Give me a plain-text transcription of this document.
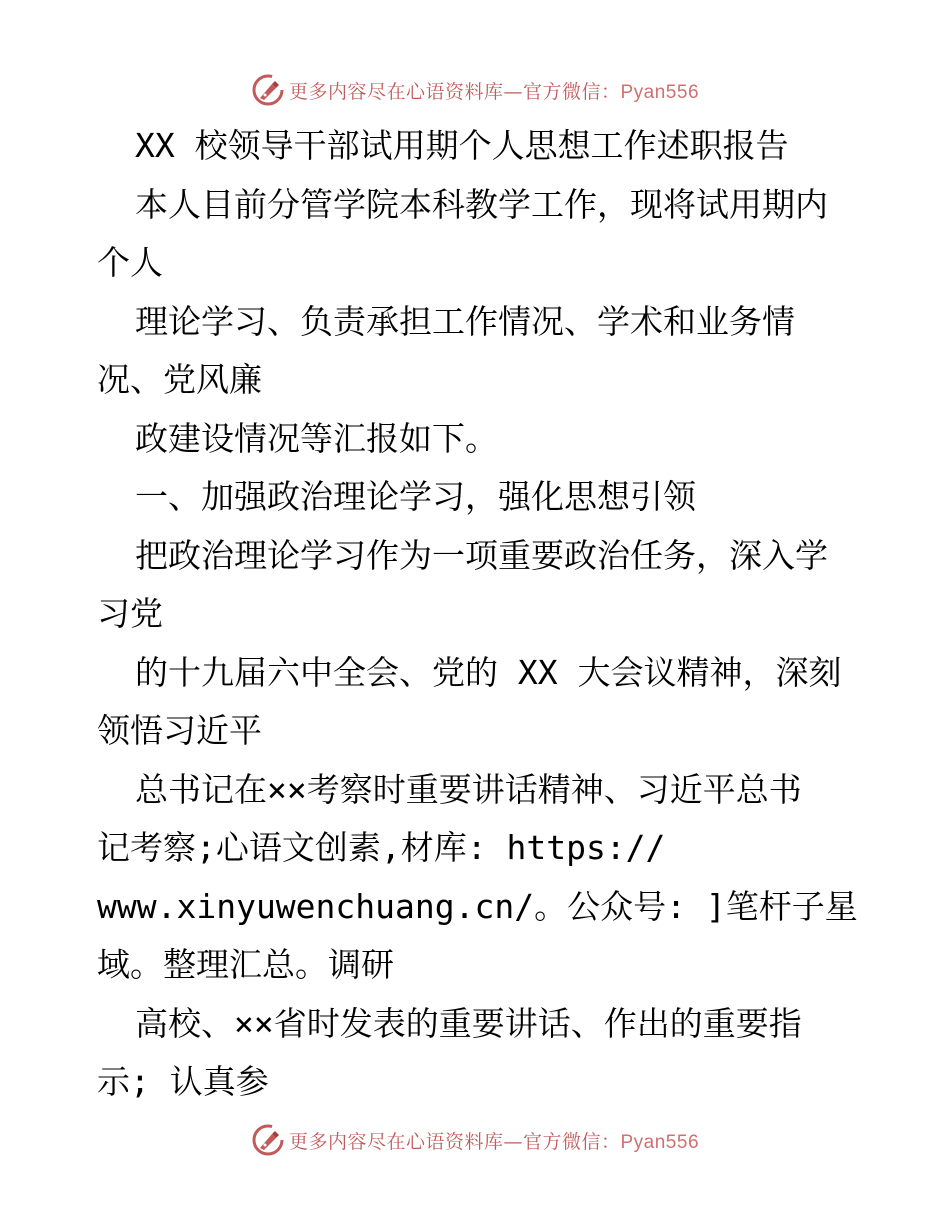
更多内容尽在心语资料库—官方微信：Pyan556
XX 校领导干部试用期个人思想工作述职报告
本人目前分管学院本科教学工作，现将试用期内
个人
理论学习、负责承担工作情况、学术和业务情
况、党风廉
政建设情况等汇报如下。
一、加强政治理论学习，强化思想引领
把政治理论学习作为一项重要政治任务，深入学
习党
的十九届六中全会、党的 XX 大会议精神，深刻
领悟习近平
总书记在××考察时重要讲话精神、习近平总书
记考察;心语文创素,材库: https://
www.xinyuwenchuang.cn/。公众号: ]笔杆子星
域。整理汇总。调研
高校、××省时发表的重要讲话、作出的重要指
示; 认真参
更多内容尽在心语资料库—官方微信：Pyan556
